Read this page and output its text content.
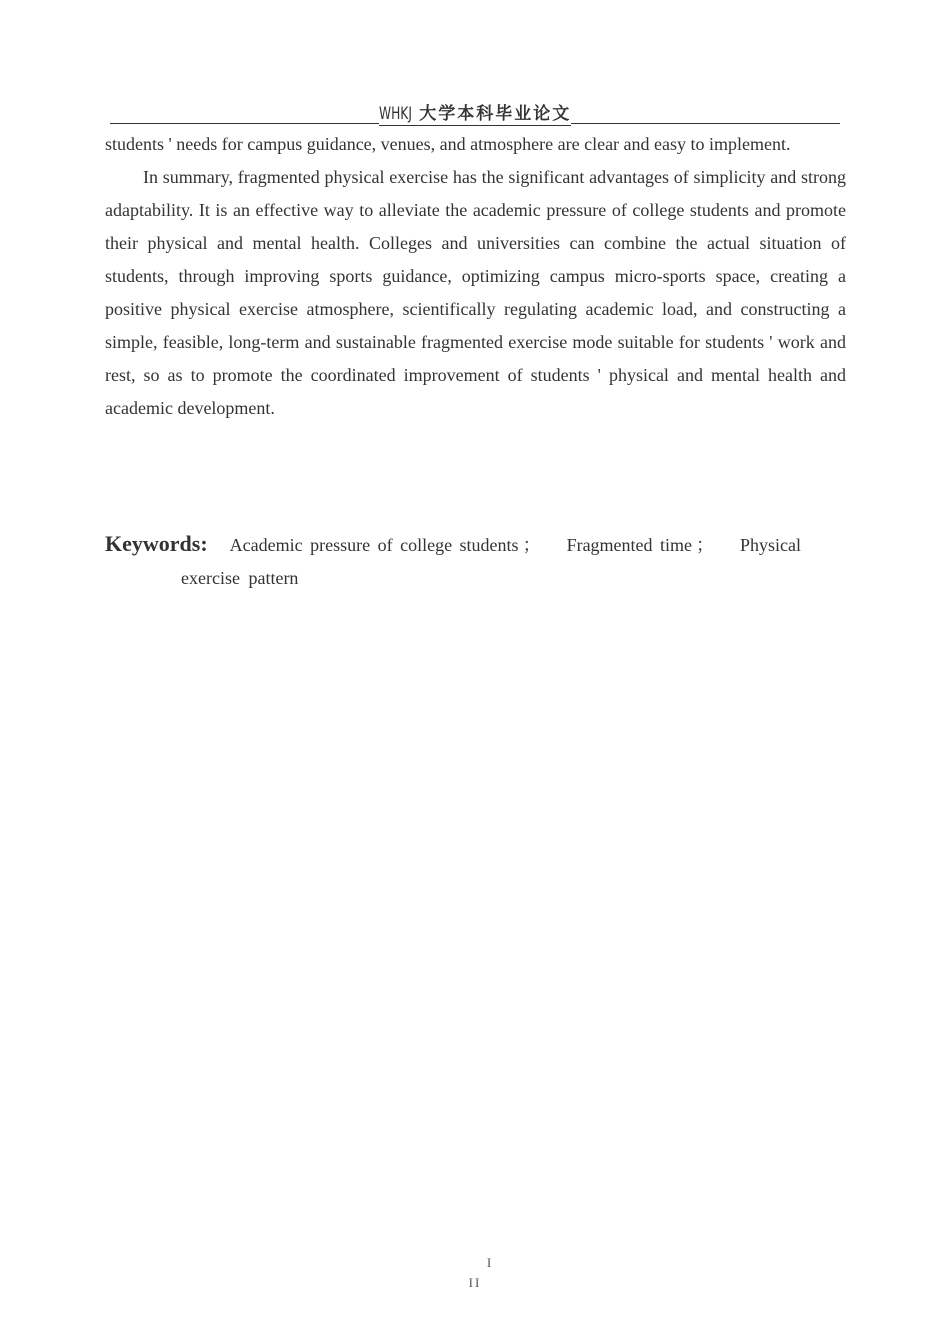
WHKJ 大学本科毕业论文

students ' needs for campus guidance, venues, and atmosphere are clear and easy to implement.

In summary, fragmented physical exercise has the significant advantages of simplicity and strong adaptability. It is an effective way to alleviate the academic pressure of college students and promote their physical and mental health. Colleges and universities can combine the actual situation of students, through improving sports guidance, optimizing campus micro-sports space, creating a positive physical exercise atmosphere, scientifically regulating academic load, and constructing a simple, feasible, long-term and sustainable fragmented exercise mode suitable for students ' work and rest, so as to promote the coordinated improvement of students ' physical and mental health and academic development.

Keywords: Academic pressure of college students ； Fragmented time ； Physical
exercise pattern
I
II
